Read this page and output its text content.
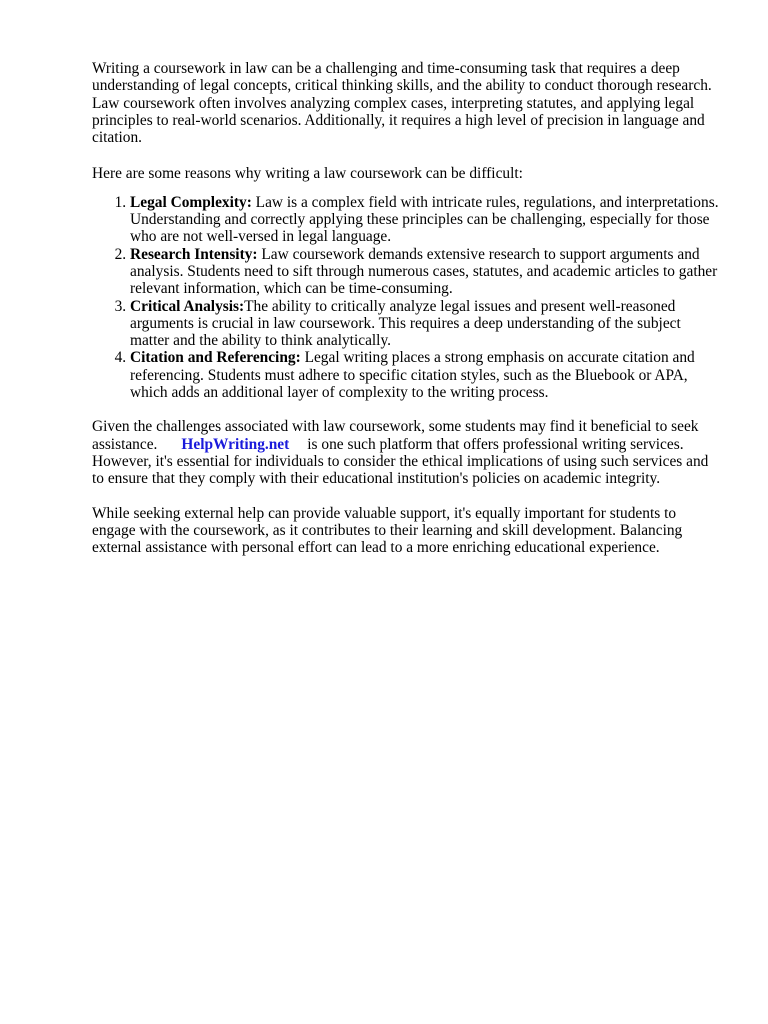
Writing a coursework in law can be a challenging and time-consuming task that requires a deep understanding of legal concepts, critical thinking skills, and the ability to conduct thorough research. Law coursework often involves analyzing complex cases, interpreting statutes, and applying legal principles to real-world scenarios. Additionally, it requires a high level of precision in language and citation.

Here are some reasons why writing a law coursework can be difficult:

1. Legal Complexity: Law is a complex field with intricate rules, regulations, and interpretations. Understanding and correctly applying these principles can be challenging, especially for those who are not well-versed in legal language.
2. Research Intensity: Law coursework demands extensive research to support arguments and analysis. Students need to sift through numerous cases, statutes, and academic articles to gather relevant information, which can be time-consuming.
3. Critical Analysis:The ability to critically analyze legal issues and present well-reasoned arguments is crucial in law coursework. This requires a deep understanding of the subject matter and the ability to think analytically.
4. Citation and Referencing: Legal writing places a strong emphasis on accurate citation and referencing. Students must adhere to specific citation styles, such as the Bluebook or APA, which adds an additional layer of complexity to the writing process.

Given the challenges associated with law coursework, some students may find it beneficial to seek assistance. HelpWriting.net is one such platform that offers professional writing services. However, it's essential for individuals to consider the ethical implications of using such services and to ensure that they comply with their educational institution's policies on academic integrity.

While seeking external help can provide valuable support, it's equally important for students to engage with the coursework, as it contributes to their learning and skill development. Balancing external assistance with personal effort can lead to a more enriching educational experience.
